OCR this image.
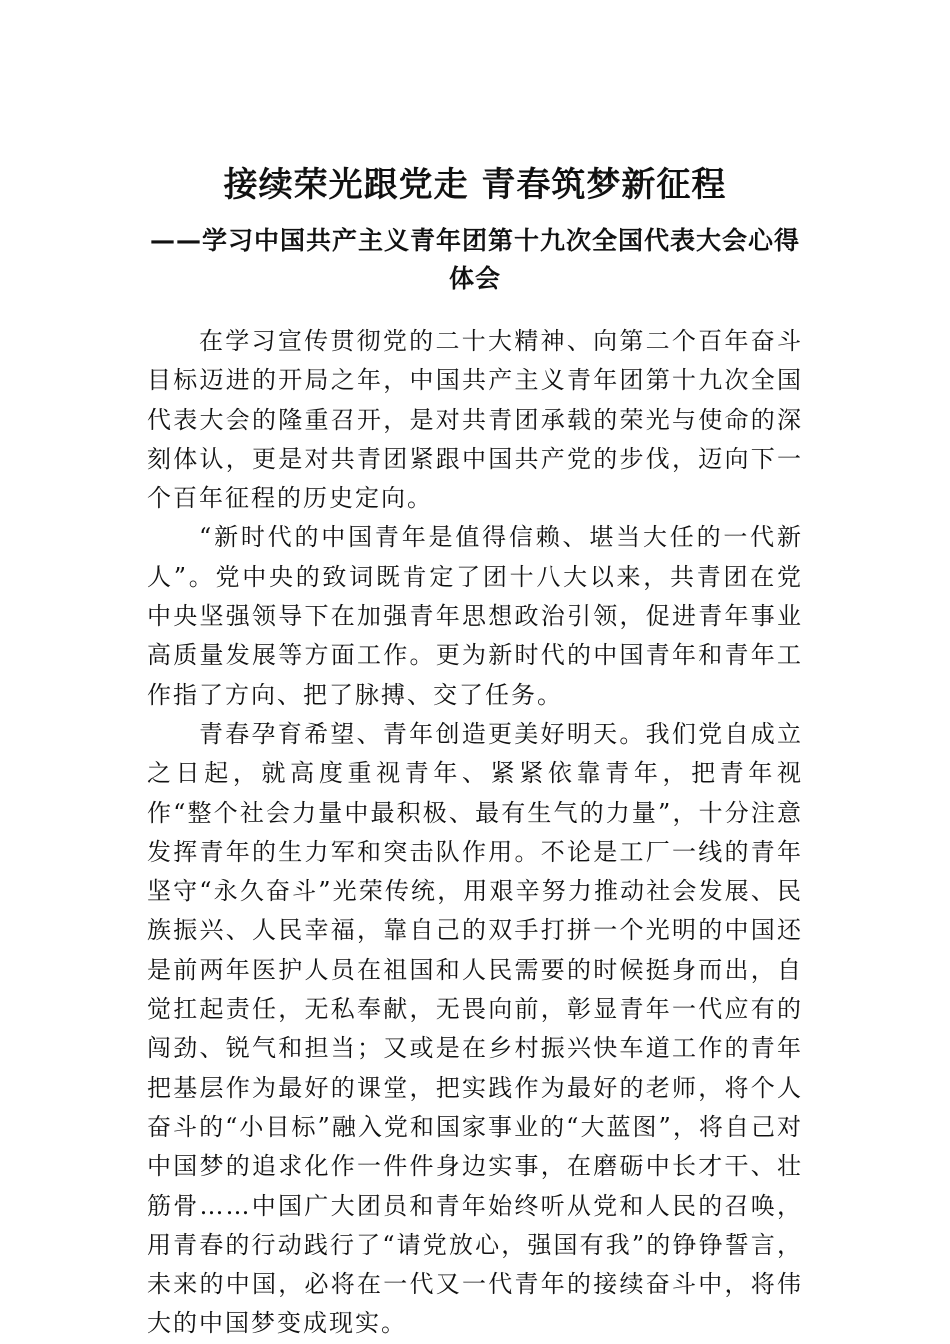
接续荣光跟党走 青春筑梦新征程
——学习中国共产主义青年团第十九次全国代表大会心得体会

在学习宣传贯彻党的二十大精神、向第二个百年奋斗目标迈进的开局之年，中国共产主义青年团第十九次全国代表大会的隆重召开，是对共青团承载的荣光与使命的深刻体认，更是对共青团紧跟中国共产党的步伐，迈向下一个百年征程的历史定向。

“新时代的中国青年是值得信赖、堪当大任的一代新人”。党中央的致词既肯定了团十八大以来，共青团在党中央坚强领导下在加强青年思想政治引领，促进青年事业高质量发展等方面工作。更为新时代的中国青年和青年工作指了方向、把了脉搏、交了任务。

青春孕育希望、青年创造更美好明天。我们党自成立之日起，就高度重视青年、紧紧依靠青年，把青年视作“整个社会力量中最积极、最有生气的力量”，十分注意发挥青年的生力军和突击队作用。不论是工厂一线的青年坚守“永久奋斗”光荣传统，用艰辛努力推动社会发展、民族振兴、人民幸福，靠自己的双手打拼一个光明的中国还是前两年医护人员在祖国和人民需要的时候挺身而出，自觉扛起责任，无私奉献，无畏向前，彰显青年一代应有的闯劲、锐气和担当；又或是在乡村振兴快车道工作的青年把基层作为最好的课堂，把实践作为最好的老师，将个人奋斗的“小目标”融入党和国家事业的“大蓝图”，将自己对中国梦的追求化作一件件身边实事，在磨砺中长才干、壮筋骨……中国广大团员和青年始终听从党和人民的召唤，用青春的行动践行了“请党放心，强国有我”的铮铮誓言，未来的中国，必将在一代又一代青年的接续奋斗中，将伟大的中国梦变成现实。
